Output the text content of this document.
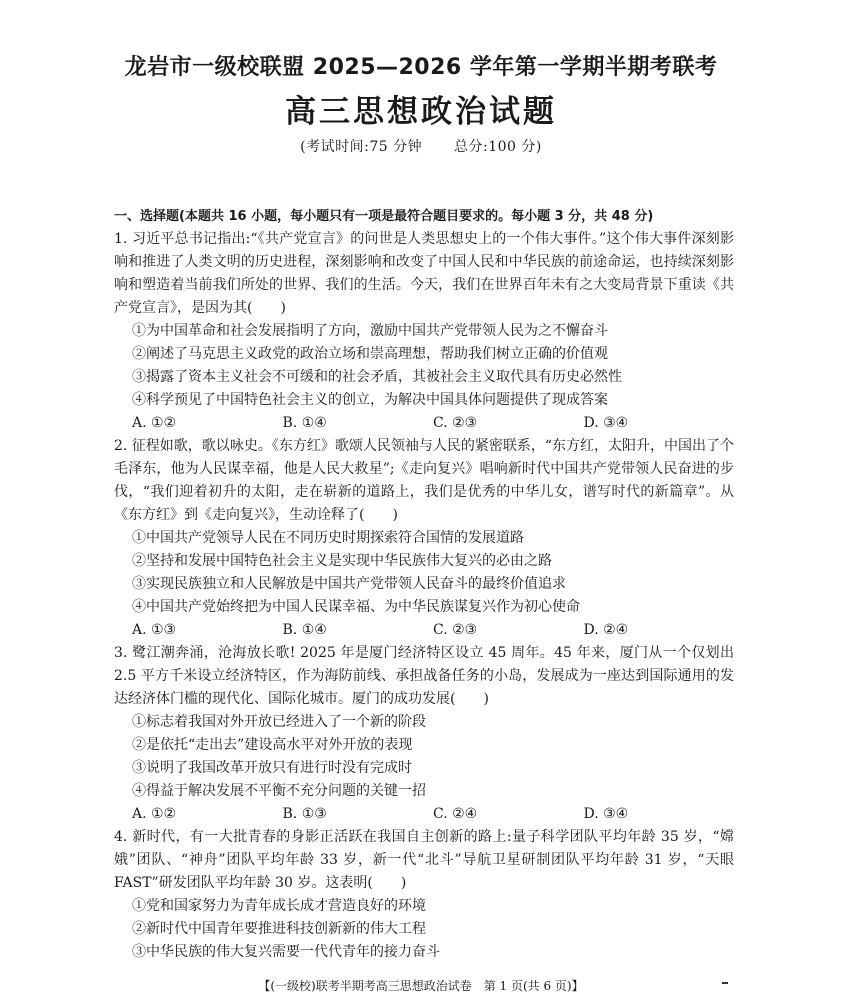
龙岩市一级校联盟 2025—2026 学年第一学期半期考联考
高三思想政治试题
(考试时间:75 分钟 总分:100 分)
一、选择题(本题共 16 小题，每小题只有一项是最符合题目要求的。每小题 3 分，共 48 分)

1. 习近平总书记指出:“《共产党宣言》的问世是人类思想史上的一个伟大事件。”这个伟大事件深刻影响和推进了人类文明的历史进程，深刻影响和改变了中国人民和中华民族的前途命运，也持续深刻影响和塑造着当前我们所处的世界、我们的生活。今天，我们在世界百年未有之大变局背景下重读《共产党宣言》，是因为其(　　)

①为中国革命和社会发展指明了方向，激励中国共产党带领人民为之不懈奋斗

②阐述了马克思主义政党的政治立场和崇高理想，帮助我们树立正确的价值观

③揭露了资本主义社会不可缓和的社会矛盾，其被社会主义取代具有历史必然性

④科学预见了中国特色社会主义的创立，为解决中国具体问题提供了现成答案

A. ①②	B. ①④	C. ②③	D. ③④

2. 征程如歌，歌以咏史。《东方红》歌颂人民领袖与人民的紧密联系，“东方红，太阳升，中国出了个毛泽东，他为人民谋幸福，他是人民大救星”;《走向复兴》唱响新时代中国共产党带领人民奋进的步伐，“我们迎着初升的太阳，走在崭新的道路上，我们是优秀的中华儿女，谱写时代的新篇章”。从《东方红》到《走向复兴》，生动诠释了(　　)

①中国共产党领导人民在不同历史时期探索符合国情的发展道路

②坚持和发展中国特色社会主义是实现中华民族伟大复兴的必由之路

③实现民族独立和人民解放是中国共产党带领人民奋斗的最终价值追求

④中国共产党始终把为中国人民谋幸福、为中华民族谋复兴作为初心使命

A. ①③	B. ①④	C. ②③	D. ②④

3. 鹭江潮奔涌，沧海放长歌! 2025 年是厦门经济特区设立 45 周年。45 年来，厦门从一个仅划出 2.5 平方千米设立经济特区，作为海防前线、承担战备任务的小岛，发展成为一座达到国际通用的发达经济体门槛的现代化、国际化城市。厦门的成功发展(　　)

①标志着我国对外开放已经进入了一个新的阶段

②是依托“走出去”建设高水平对外开放的表现

③说明了我国改革开放只有进行时没有完成时

④得益于解决发展不平衡不充分问题的关键一招

A. ①②	B. ①③	C. ②④	D. ③④

4. 新时代，有一大批青春的身影正活跃在我国自主创新的路上:量子科学团队平均年龄 35 岁，“嫦娥”团队、“神舟”团队平均年龄 33 岁，新一代“北斗”导航卫星研制团队平均年龄 31 岁，“天眼 FAST”研发团队平均年龄 30 岁。这表明(　　)

①党和国家努力为青年成长成才营造良好的环境

②新时代中国青年要推进科技创新新的伟大工程

③中华民族的伟大复兴需要一代代青年的接力奋斗

【(一级校)联考半期考高三思想政治试卷　第 1 页(共 6 页)】
